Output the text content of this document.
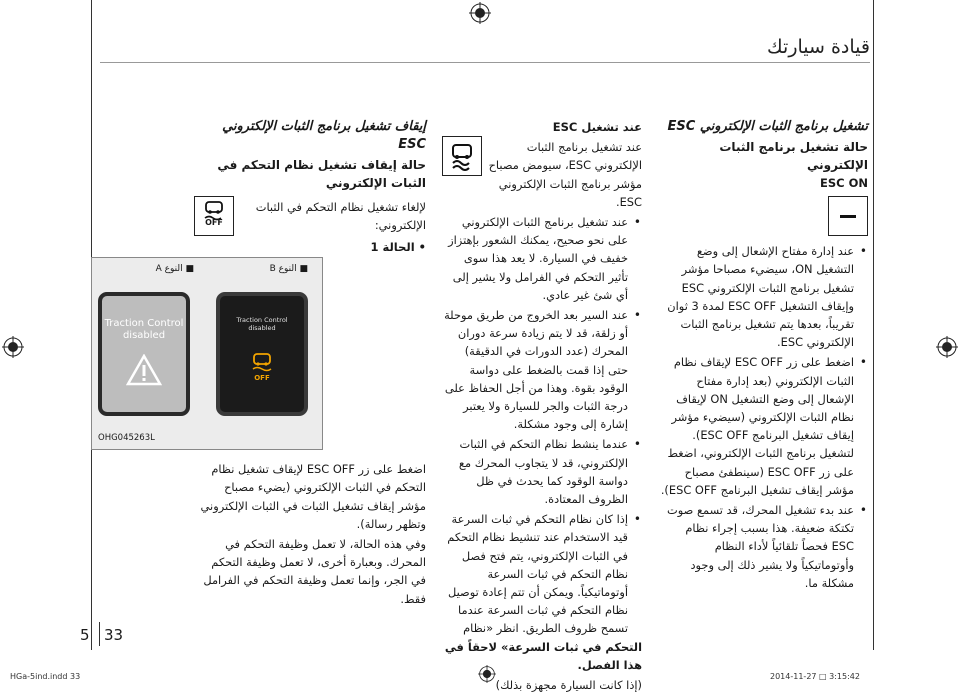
قيادة سيارتك
تشغيل برنامج الثبات الإلكتروني ESC
حالة تشغيل برنامج الثبات الإلكتروني
ESC ON
• عند إدارة مفتاح الإشعال إلى وضع التشغيل ON، سيضيء مصباحا مؤشر تشغيل برنامج الثبات الإلكتروني ESC وإيقاف التشغيل ESC OFF لمدة 3 ثوان تقريباً، بعدها يتم تشغيل برنامج الثبات الإلكتروني ESC.
• اضغط على زر ESC OFF لإيقاف نظام الثبات الإلكتروني (بعد إدارة مفتاح الإشعال إلى وضع التشغيل ON لإيقاف نظام الثبات الإلكتروني (سيضيء مؤشر إيقاف تشغيل البرنامج ESC OFF). لتشغيل برنامج الثبات الإلكتروني، اضغط على زر ESC OFF (سينطفئ مصباح مؤشر إيقاف تشغيل البرنامج ESC OFF).
• عند بدء تشغيل المحرك، قد تسمع صوت تكتكة ضعيفة. هذا بسبب إجراء نظام ESC فحصاً تلقائياً لأداء النظام وأوتوماتيكياً ولا يشير ذلك إلى وجود مشكلة ما.
عند تشغيل ESC
عند تشغيل برنامج الثبات الإلكتروني ESC، سيومض مصباح مؤشر برنامج الثبات الإلكتروني ESC.
• عند تشغيل برنامج الثبات الإلكتروني على نحو صحيح، يمكنك الشعور بإهتزاز خفيف في السيارة. لا يعد هذا سوى تأثير التحكم في الفرامل ولا يشير إلى أي شئ غير عادي.
• عند السير بعد الخروج من طريق موحلة أو زلقة، قد لا يتم زيادة سرعة دوران المحرك (عدد الدورات في الدقيقة) حتى إذا قمت بالضغط على دواسة الوقود بقوة. وهذا من أجل الحفاظ على درجة الثبات والجر للسيارة ولا يعتبر إشارة إلى وجود مشكلة.
• عندما ينشط نظام التحكم في الثبات الإلكتروني، قد لا يتجاوب المحرك مع دواسة الوقود كما يحدث في ظل الظروف المعتادة.
• إذا كان نظام التحكم في ثبات السرعة قيد الاستخدام عند تنشيط نظام التحكم في الثبات الإلكتروني، يتم فتح فصل نظام التحكم في ثبات السرعة أوتوماتيكياً. ويمكن أن تتم إعادة توصيل نظام التحكم في ثبات السرعة عندما تسمح ظروف الطريق. انظر «نظام
التحكم في ثبات السرعة» لاحقاً في هذا الفصل.
(إذا كانت السيارة مجهزة بذلك)
إيقاف تشغيل برنامج الثبات الإلكتروني ESC
حالة إيقاف تشغيل نظام التحكم في الثبات الإلكتروني
لإلغاء تشغيل نظام التحكم في الثبات الإلكتروني:
OFF
• الحالة 1
اضغط على زر ESC OFF لإيقاف تشغيل نظام التحكم في الثبات الإلكتروني (يضيء مصباح مؤشر إيقاف تشغيل الثبات في الثبات الإلكتروني وتظهر رسالة).
وفي هذه الحالة، لا تعمل وظيفة التحكم في المحرك. وبعبارة أخرى، لا تعمل وظيفة التحكم في الجر، وإنما تعمل وظيفة التحكم في الفرامل فقط.
■ النوع B
■ النوع A
Traction Control disabled
Traction Control disabled
OFF
OHG045263L
5 33
HGa-5ind.indd 33	2014-11-27 □ 3:15:42
